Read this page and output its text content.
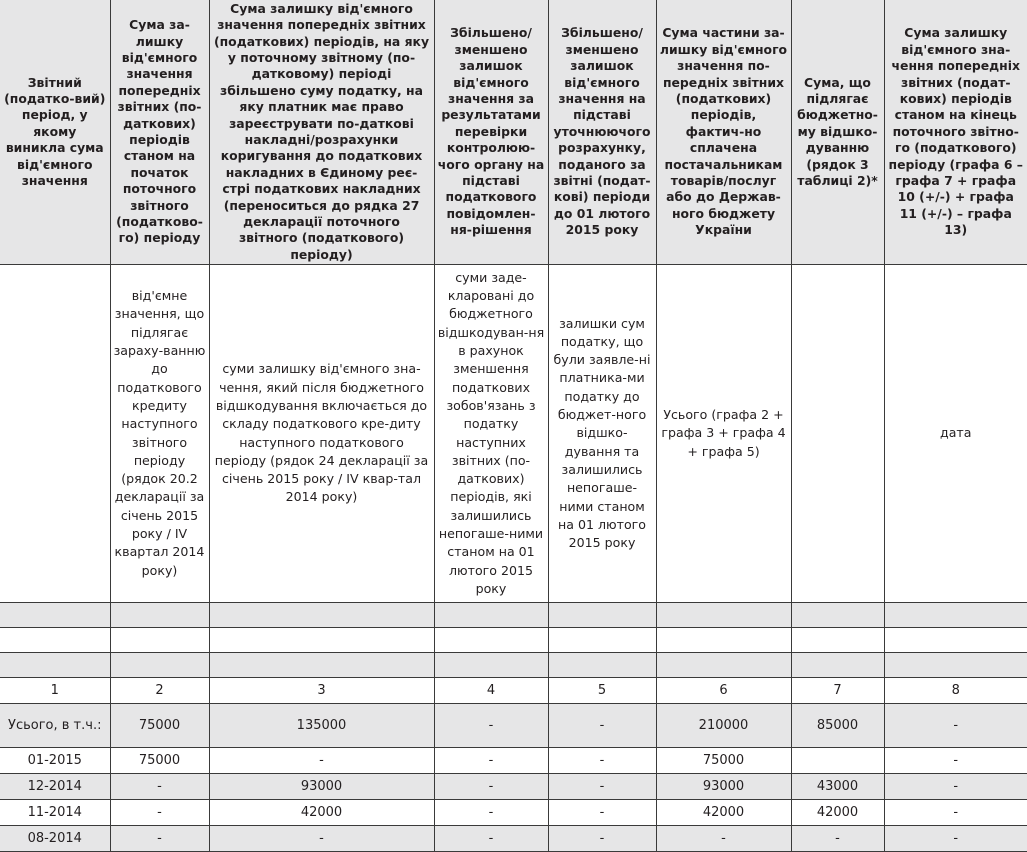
Звітний (податко-вий) період, у якому виникла сума від'ємного значення	Сума за-лишку від'ємного значення попередніх звітних (по-даткових) періодів станом на початок поточного звітного (податково-го) періоду	Сума залишку від'ємного значення попередніх звітних (податкових) періодів, на яку у поточному звітному (по-датковому) періоді збільшено суму податку, на яку платник має право зареєструвати по-даткові накладні/розрахунки коригування до податкових накладних в Єдиному реє-стрі податкових накладних (переноситься до рядка 27 декларації поточного звітного (податкового) періоду)	Збільшено/ зменшено залишок від'ємного значення за результатами перевірки контролюю-чого органу на підставі податкового повідомлен-ня-рішення	Збільшено/ зменшено залишок від'ємного значення на підставі уточнюючого розрахунку, поданого за звітні (подат-кові) періоди до 01 лютого 2015 року	Сума частини за-лишку від'ємного значення по-передніх звітних (податкових) періодів, фактич-но сплачена постачальникам товарів/послуг або до Держав-ного бюджету України	Сума, що підлягає бюджетно-му відшко-дуванню (рядок 3 таблиці 2)*	Сума залишку від'ємного зна-чення попередніх звітних (подат-кових) періодів станом на кінець поточного звітно-го (податкового) періоду (графа 6 – графа 7 + графа 10 (+/-) + графа 11 (+/-) – графа 13)
	від'ємне значення, що підлягає зараху-ванню до податкового кредиту наступного звітного періоду (рядок 20.2 декларації за січень 2015 року / IV квартал 2014 року)	суми залишку від'ємного зна-чення, який після бюджетного відшкодування включається до складу податкового кре-диту наступного податкового періоду (рядок 24 декларації за січень 2015 року / IV квар-тал 2014 року)	суми заде-кларовані до бюджетного відшкодуван-ня в рахунок зменшення податкових зобов'язань з податку наступних звітних (по-даткових) періодів, які залишились непогаше-ними станом на 01 лютого 2015 року	залишки сум податку, що були заявле-ні платника-ми податку до бюджет-ного відшко-дування та залишились непогаше-ними станом на 01 лютого 2015 року	Усього (графа 2 + графа 3 + графа 4 + графа 5)		дата

1	2	3	4	5	6	7	8
Усього, в т.ч.:	75000	135000	-	-	210000	85000	-
01-2015	75000	-	-	-	75000		-
12-2014	-	93000	-	-	93000	43000	-
11-2014	-	42000	-	-	42000	42000	-
08-2014	-	-	-	-	-	-	-
